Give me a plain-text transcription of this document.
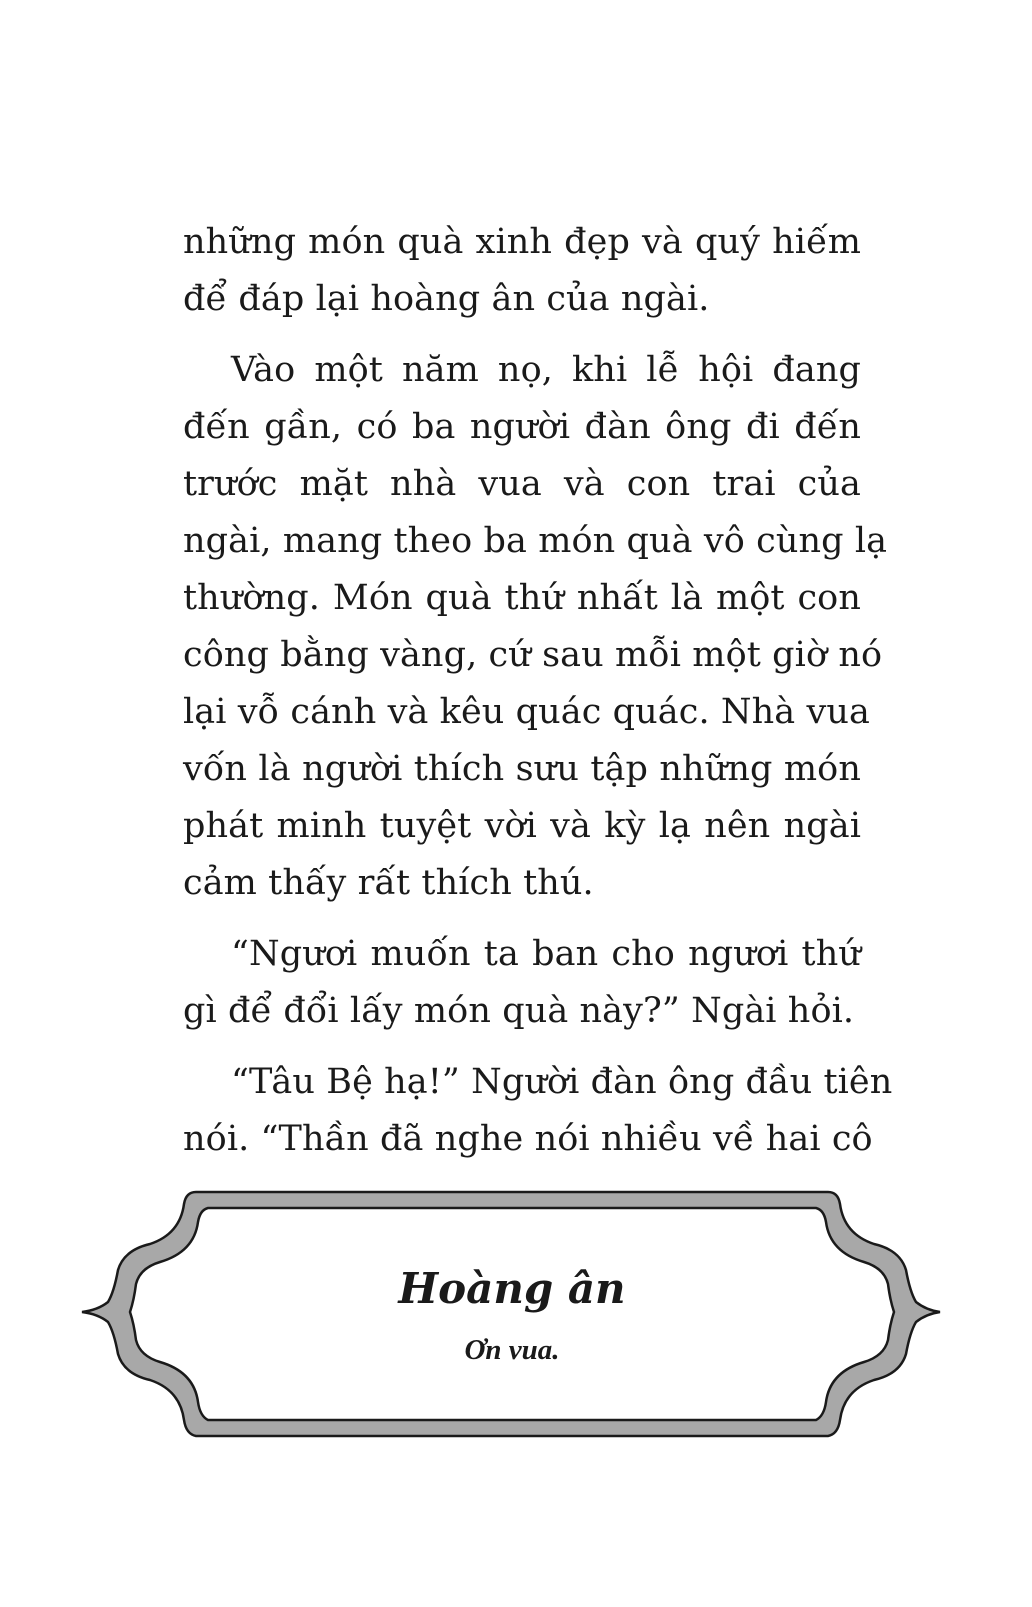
những món quà xinh đẹp và quý hiếm
để đáp lại hoàng ân của ngài.
Vào một năm nọ, khi lễ hội đang
đến gần, có ba người đàn ông đi đến
trước mặt nhà vua và con trai của
ngài, mang theo ba món quà vô cùng lạ
thường. Món quà thứ nhất là một con
công bằng vàng, cứ sau mỗi một giờ nó
lại vỗ cánh và kêu quác quác. Nhà vua
vốn là người thích sưu tập những món
phát minh tuyệt vời và kỳ lạ nên ngài
cảm thấy rất thích thú.
“Ngươi muốn ta ban cho ngươi thứ
gì để đổi lấy món quà này?” Ngài hỏi.
“Tâu Bệ hạ!” Người đàn ông đầu tiên
nói. “Thần đã nghe nói nhiều về hai cô
Hoàng ân
Ơn vua.
